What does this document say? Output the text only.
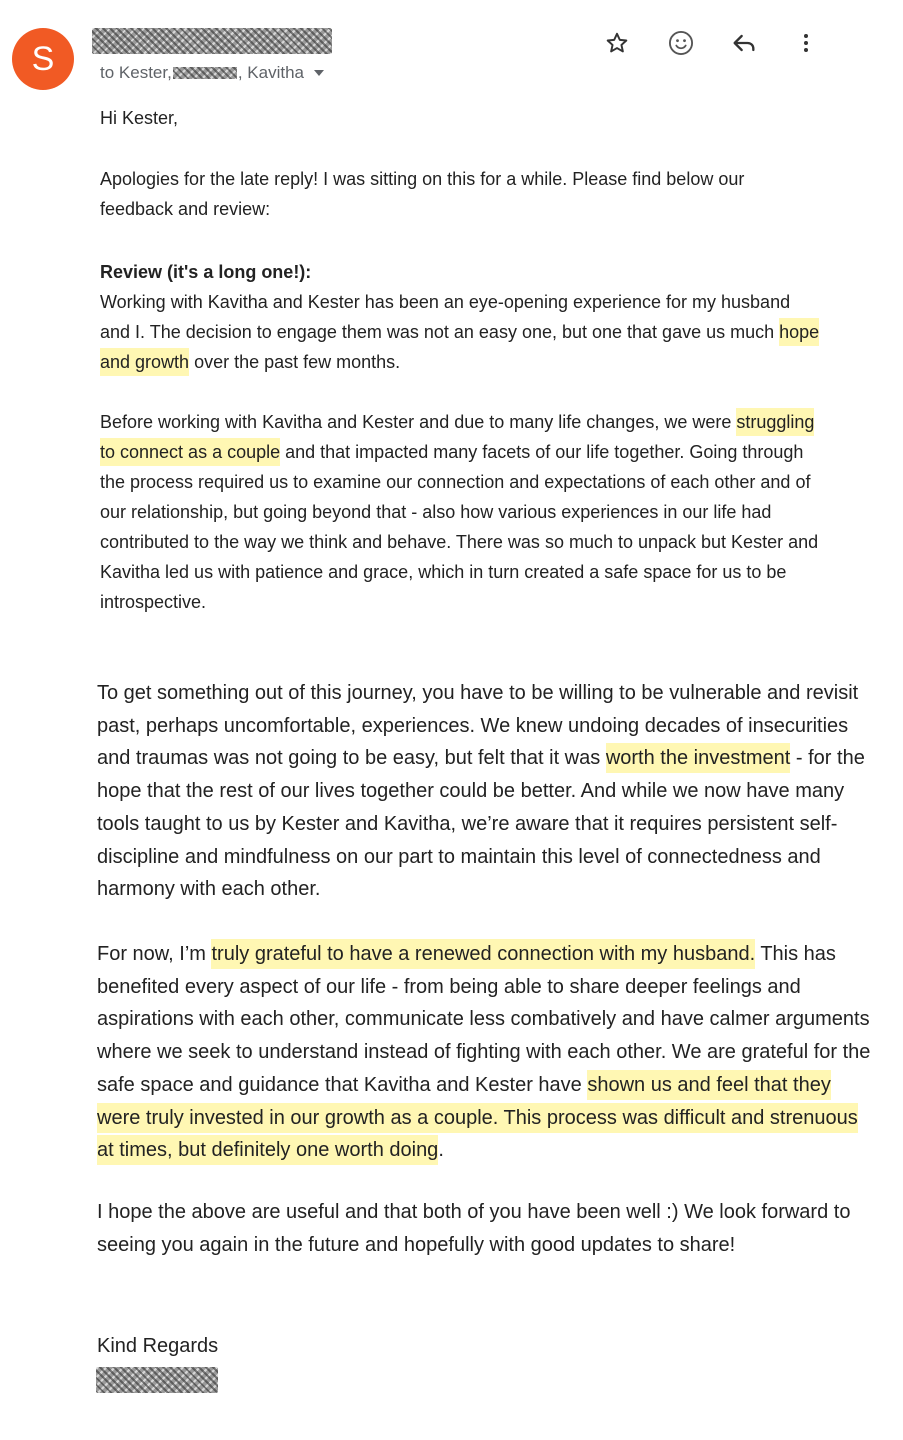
S	to Kester,	, Kavitha

Hi Kester,

Apologies for the late reply! I was sitting on this for a while. Please find below our feedback and review:

Review (it's a long one!):

Working with Kavitha and Kester has been an eye-opening experience for my husband and I. The decision to engage them was not an easy one, but one that gave us much hope and growth over the past few months.

Before working with Kavitha and Kester and due to many life changes, we were struggling to connect as a couple and that impacted many facets of our life together. Going through the process required us to examine our connection and expectations of each other and of our relationship, but going beyond that - also how various experiences in our life had contributed to the way we think and behave. There was so much to unpack but Kester and Kavitha led us with patience and grace, which in turn created a safe space for us to be introspective.

To get something out of this journey, you have to be willing to be vulnerable and revisit past, perhaps uncomfortable, experiences. We knew undoing decades of insecurities and traumas was not going to be easy, but felt that it was worth the investment - for the hope that the rest of our lives together could be better. And while we now have many tools taught to us by Kester and Kavitha, we’re aware that it requires persistent self-discipline and mindfulness on our part to maintain this level of connectedness and harmony with each other.

For now, I’m truly grateful to have a renewed connection with my husband. This has benefited every aspect of our life - from being able to share deeper feelings and aspirations with each other, communicate less combatively and have calmer arguments where we seek to understand instead of fighting with each other. We are grateful for the safe space and guidance that Kavitha and Kester have shown us and feel that they were truly invested in our growth as a couple. This process was difficult and strenuous at times, but definitely one worth doing.

I hope the above are useful and that both of you have been well :) We look forward to seeing you again in the future and hopefully with good updates to share!

Kind Regards
